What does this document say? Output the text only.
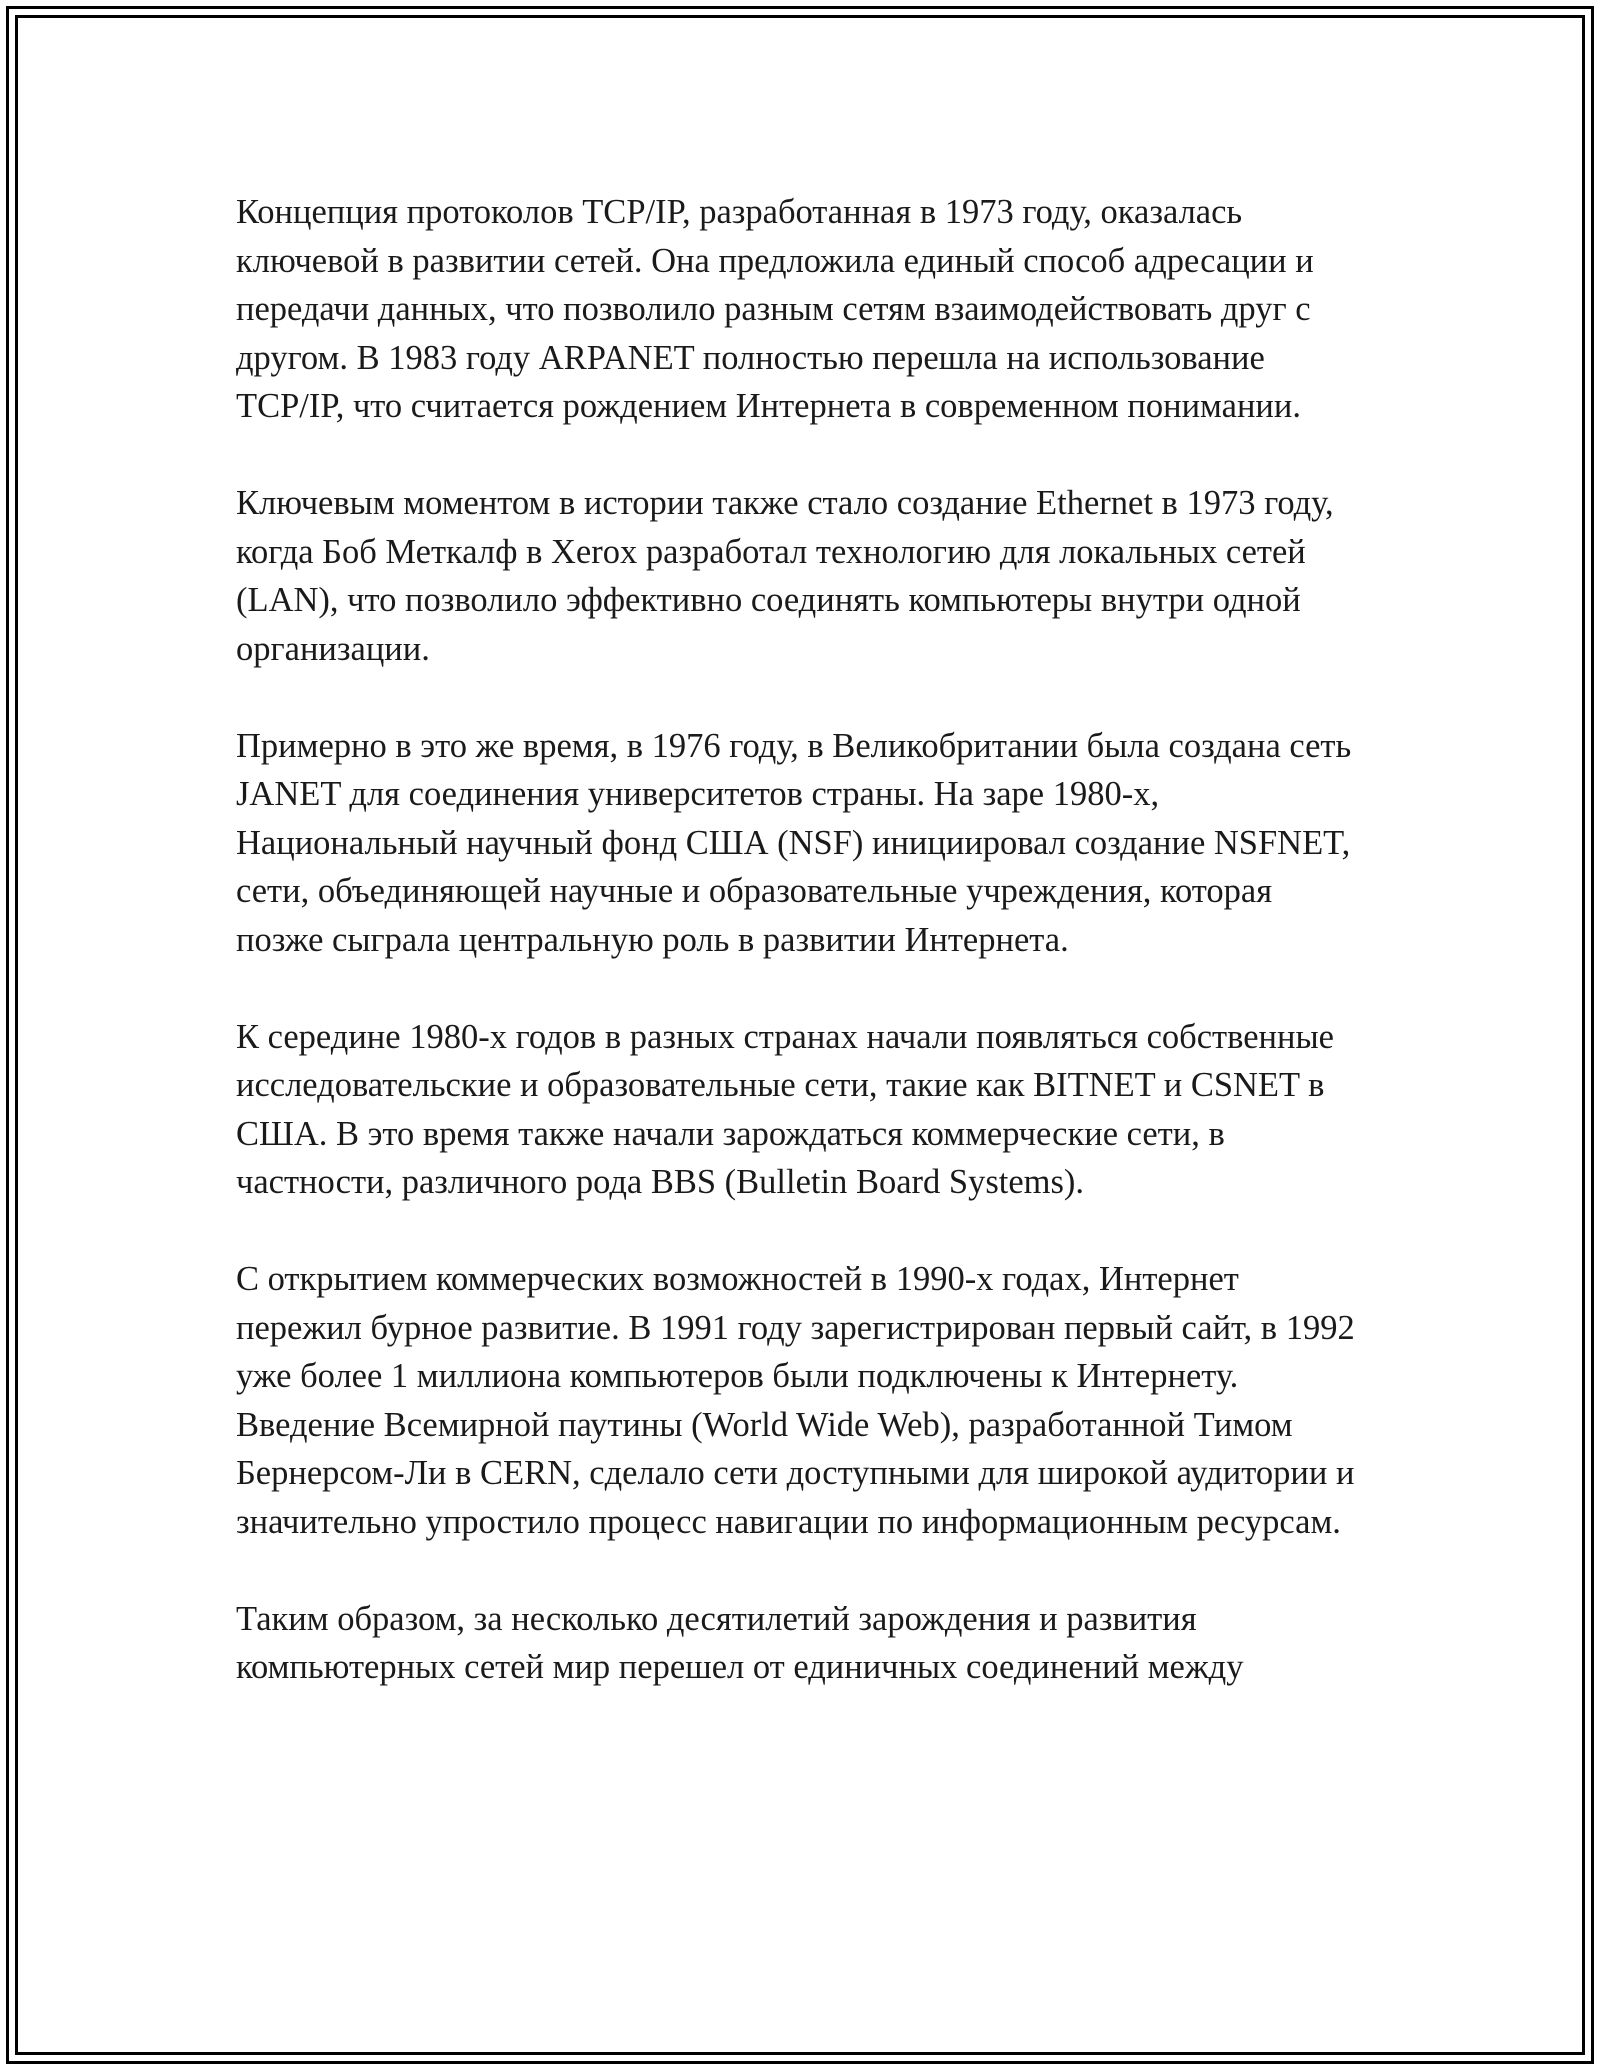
Концепция протоколов TCP/IP, разработанная в 1973 году, оказалась ключевой в развитии сетей. Она предложила единый способ адресации и передачи данных, что позволило разным сетям взаимодействовать друг с другом. В 1983 году ARPANET полностью перешла на использование TCP/IP, что считается рождением Интернета в современном понимании.

Ключевым моментом в истории также стало создание Ethernet в 1973 году, когда Боб Меткалф в Xerox разработал технологию для локальных сетей (LAN), что позволило эффективно соединять компьютеры внутри одной организации.

Примерно в это же время, в 1976 году, в Великобритании была создана сеть JANET для соединения университетов страны. На заре 1980-х, Национальный научный фонд США (NSF) инициировал создание NSFNET, сети, объединяющей научные и образовательные учреждения, которая позже сыграла центральную роль в развитии Интернета.

К середине 1980-х годов в разных странах начали появляться собственные исследовательские и образовательные сети, такие как BITNET и CSNET в США. В это время также начали зарождаться коммерческие сети, в частности, различного рода BBS (Bulletin Board Systems).

С открытием коммерческих возможностей в 1990-х годах, Интернет пережил бурное развитие. В 1991 году зарегистрирован первый сайт, в 1992 уже более 1 миллиона компьютеров были подключены к Интернету. Введение Всемирной паутины (World Wide Web), разработанной Тимом Бернерсом-Ли в CERN, сделало сети доступными для широкой аудитории и значительно упростило процесс навигации по информационным ресурсам.

Таким образом, за несколько десятилетий зарождения и развития компьютерных сетей мир перешел от единичных соединений между
